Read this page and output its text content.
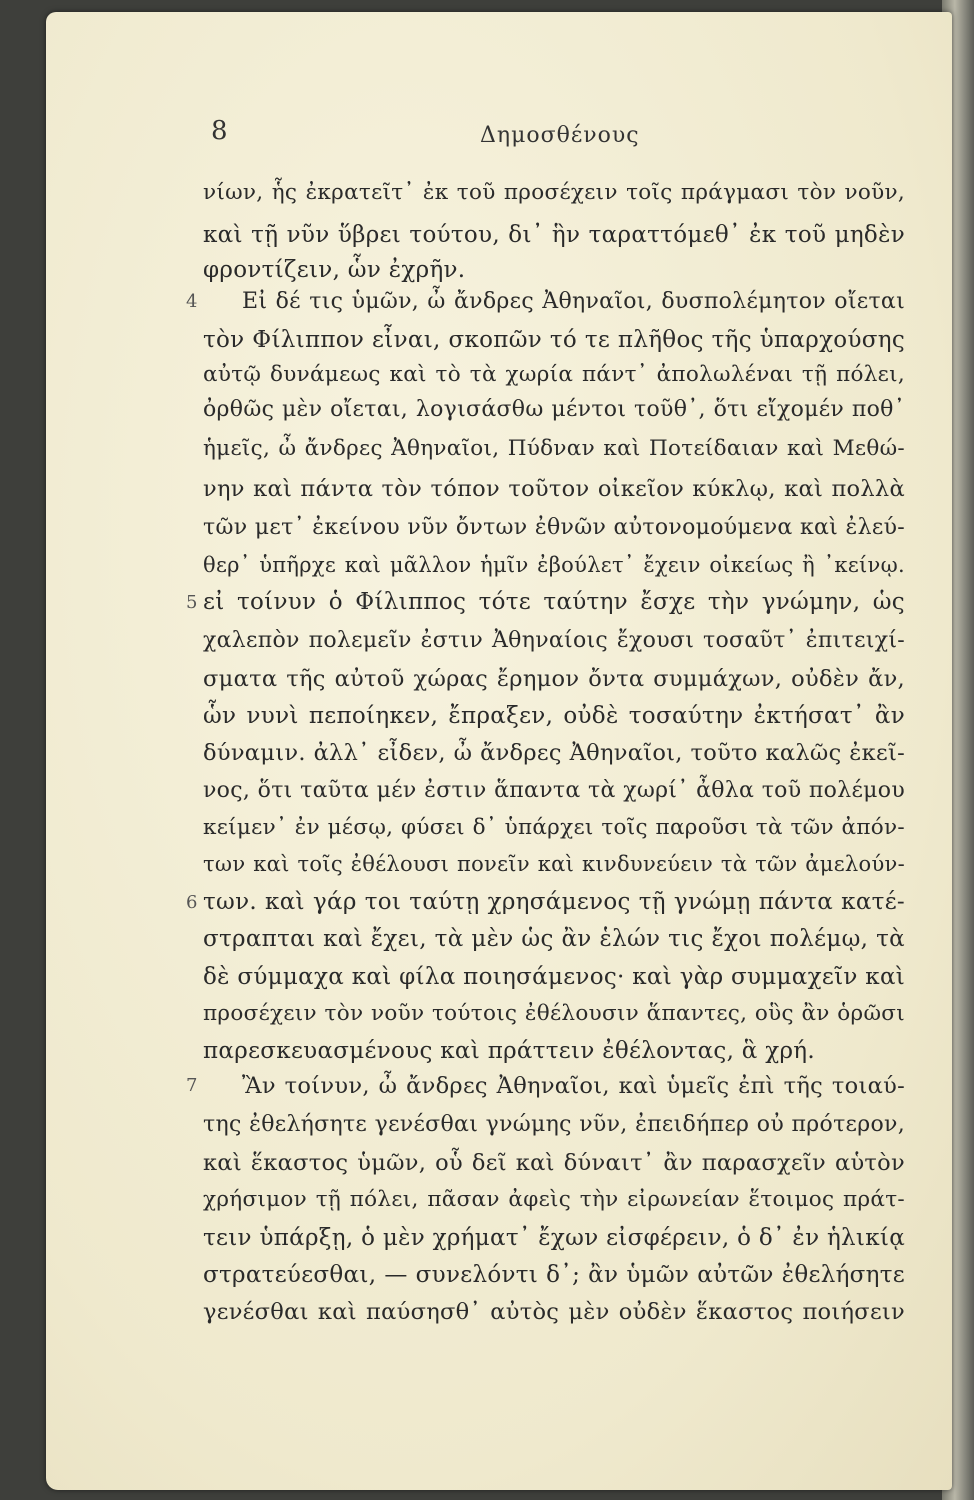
8	Δημοσθένους
νίων, ἧς ἐκρατεῖτ᾽ ἐκ τοῦ προσέχειν τοῖς πράγμασι τὸν νοῦν,
καὶ τῇ νῦν ὕβρει τούτου, δι᾽ ἣν ταραττόμεθ᾽ ἐκ τοῦ μηδὲν
φροντίζειν, ὧν ἐχρῆν.
4 Εἰ δέ τις ὑμῶν, ὦ ἄνδρες Ἀθηναῖοι, δυσπολέμητον οἴεται
τὸν Φίλιππον εἶναι, σκοπῶν τό τε πλῆθος τῆς ὑπαρχούσης
αὐτῷ δυνάμεως καὶ τὸ τὰ χωρία πάντ᾽ ἀπολωλέναι τῇ πόλει,
ὀρθῶς μὲν οἴεται, λογισάσθω μέντοι τοῦθ᾽, ὅτι εἴχομέν ποθ᾽
ἡμεῖς, ὦ ἄνδρες Ἀθηναῖοι, Πύδναν καὶ Ποτείδαιαν καὶ Μεθώ-
νην καὶ πάντα τὸν τόπον τοῦτον οἰκεῖον κύκλῳ, καὶ πολλὰ
τῶν μετ᾽ ἐκείνου νῦν ὄντων ἐθνῶν αὐτονομούμενα καὶ ἐλεύ-
θερ᾽ ὑπῆρχε καὶ μᾶλλον ἡμῖν ἐβούλετ᾽ ἔχειν οἰκείως ἢ ᾿κείνῳ.
5 εἰ τοίνυν ὁ Φίλιππος τότε ταύτην ἔσχε τὴν γνώμην, ὡς
χαλεπὸν πολεμεῖν ἐστιν Ἀθηναίοις ἔχουσι τοσαῦτ᾽ ἐπιτειχί-
σματα τῆς αὐτοῦ χώρας ἔρημον ὄντα συμμάχων, οὐδὲν ἄν,
ὧν νυνὶ πεποίηκεν, ἔπραξεν, οὐδὲ τοσαύτην ἐκτήσατ᾽ ἂν
δύναμιν. ἀλλ᾽ εἶδεν, ὦ ἄνδρες Ἀθηναῖοι, τοῦτο καλῶς ἐκεῖ-
νος, ὅτι ταῦτα μέν ἐστιν ἅπαντα τὰ χωρί᾽ ἆθλα τοῦ πολέμου
κείμεν᾽ ἐν μέσῳ, φύσει δ᾽ ὑπάρχει τοῖς παροῦσι τὰ τῶν ἀπόν-
των καὶ τοῖς ἐθέλουσι πονεῖν καὶ κινδυνεύειν τὰ τῶν ἀμελούν-
6 των. καὶ γάρ τοι ταύτῃ χρησάμενος τῇ γνώμῃ πάντα κατέ-
στραπται καὶ ἔχει, τὰ μὲν ὡς ἂν ἑλών τις ἔχοι πολέμῳ, τὰ
δὲ σύμμαχα καὶ φίλα ποιησάμενος· καὶ γὰρ συμμαχεῖν καὶ
προσέχειν τὸν νοῦν τούτοις ἐθέλουσιν ἅπαντες, οὓς ἂν ὁρῶσι
παρεσκευασμένους καὶ πράττειν ἐθέλοντας, ἃ χρή.
7 Ἂν τοίνυν, ὦ ἄνδρες Ἀθηναῖοι, καὶ ὑμεῖς ἐπὶ τῆς τοιαύ-
της ἐθελήσητε γενέσθαι γνώμης νῦν, ἐπειδήπερ οὐ πρότερον,
καὶ ἕκαστος ὑμῶν, οὗ δεῖ καὶ δύναιτ᾽ ἂν παρασχεῖν αὑτὸν
χρήσιμον τῇ πόλει, πᾶσαν ἀφεὶς τὴν εἰρωνείαν ἕτοιμος πράτ-
τειν ὑπάρξῃ, ὁ μὲν χρήματ᾽ ἔχων εἰσφέρειν, ὁ δ᾽ ἐν ἡλικίᾳ
στρατεύεσθαι, — συνελόντι δ᾽; ἂν ὑμῶν αὐτῶν ἐθελήσητε
γενέσθαι καὶ παύσησθ᾽ αὐτὸς μὲν οὐδὲν ἕκαστος ποιήσειν
